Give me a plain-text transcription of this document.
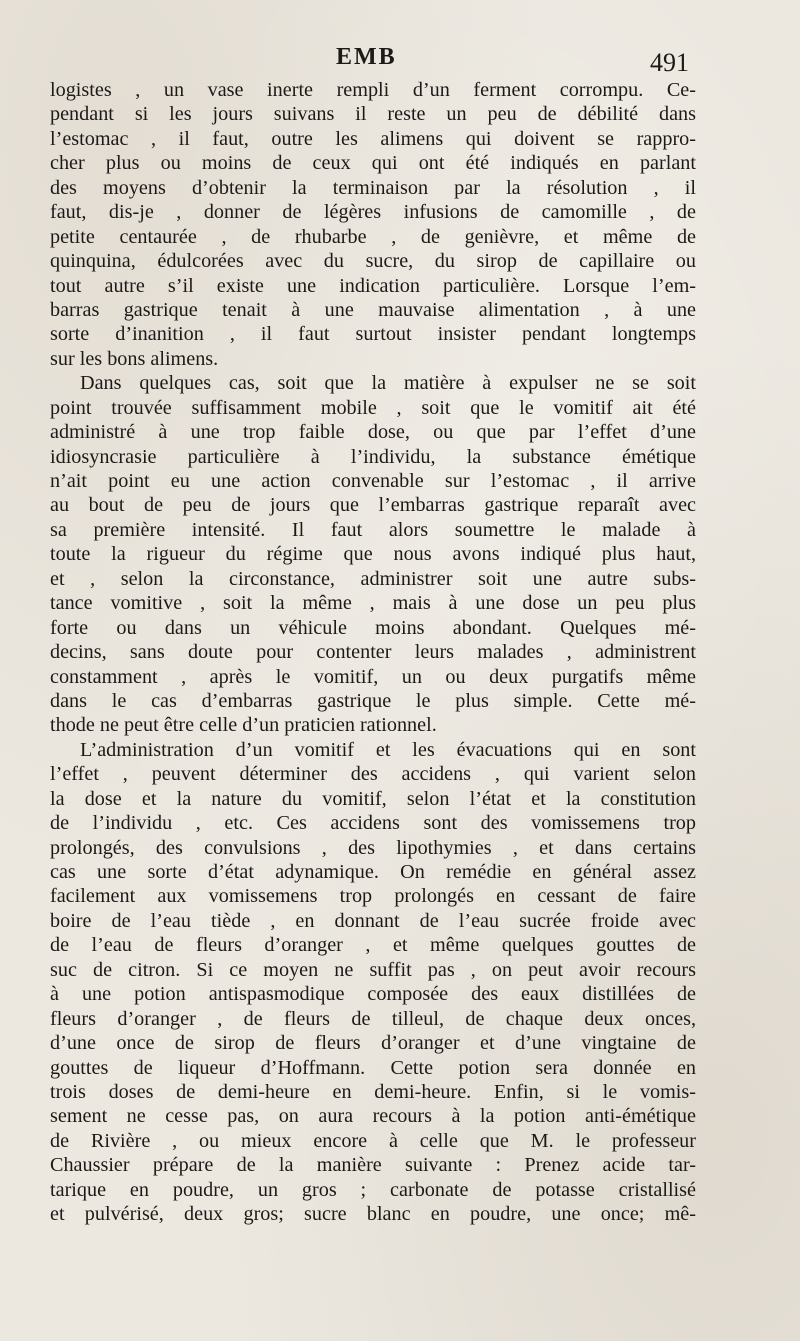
EMB	491
logistes , un vase inerte rempli d’un ferment corrompu. Ce-
pendant si les jours suivans il reste un peu de débilité dans
l’estomac , il faut, outre les alimens qui doivent se rappro-
cher plus ou moins de ceux qui ont été indiqués en parlant
des moyens d’obtenir la terminaison par la résolution , il
faut, dis-je , donner de légères infusions de camomille , de
petite centaurée , de rhubarbe , de genièvre, et même de
quinquina, édulcorées avec du sucre, du sirop de capillaire ou
tout autre s’il existe une indication particulière. Lorsque l’em-
barras gastrique tenait à une mauvaise alimentation , à une
sorte d’inanition , il faut surtout insister pendant longtemps
sur les bons alimens.
Dans quelques cas, soit que la matière à expulser ne se soit
point trouvée suffisamment mobile , soit que le vomitif ait été
administré à une trop faible dose, ou que par l’effet d’une
idiosyncrasie particulière à l’individu, la substance émétique
n’ait point eu une action convenable sur l’estomac , il arrive
au bout de peu de jours que l’embarras gastrique reparaît avec
sa première intensité. Il faut alors soumettre le malade à
toute la rigueur du régime que nous avons indiqué plus haut,
et , selon la circonstance, administrer soit une autre subs-
tance vomitive , soit la même , mais à une dose un peu plus
forte ou dans un véhicule moins abondant. Quelques mé-
decins, sans doute pour contenter leurs malades , administrent
constamment , après le vomitif, un ou deux purgatifs même
dans le cas d’embarras gastrique le plus simple. Cette mé-
thode ne peut être celle d’un praticien rationnel.
L’administration d’un vomitif et les évacuations qui en sont
l’effet , peuvent déterminer des accidens , qui varient selon
la dose et la nature du vomitif, selon l’état et la constitution
de l’individu , etc. Ces accidens sont des vomissemens trop
prolongés, des convulsions , des lipothymies , et dans certains
cas une sorte d’état adynamique. On remédie en général assez
facilement aux vomissemens trop prolongés en cessant de faire
boire de l’eau tiède , en donnant de l’eau sucrée froide avec
de l’eau de fleurs d’oranger , et même quelques gouttes de
suc de citron. Si ce moyen ne suffit pas , on peut avoir recours
à une potion antispasmodique composée des eaux distillées de
fleurs d’oranger , de fleurs de tilleul, de chaque deux onces,
d’une once de sirop de fleurs d’oranger et d’une vingtaine de
gouttes de liqueur d’Hoffmann. Cette potion sera donnée en
trois doses de demi-heure en demi-heure. Enfin, si le vomis-
sement ne cesse pas, on aura recours à la potion anti-émétique
de Rivière , ou mieux encore à celle que M. le professeur
Chaussier prépare de la manière suivante : Prenez acide tar-
tarique en poudre, un gros ; carbonate de potasse cristallisé
et pulvérisé, deux gros; sucre blanc en poudre, une once; mê-
